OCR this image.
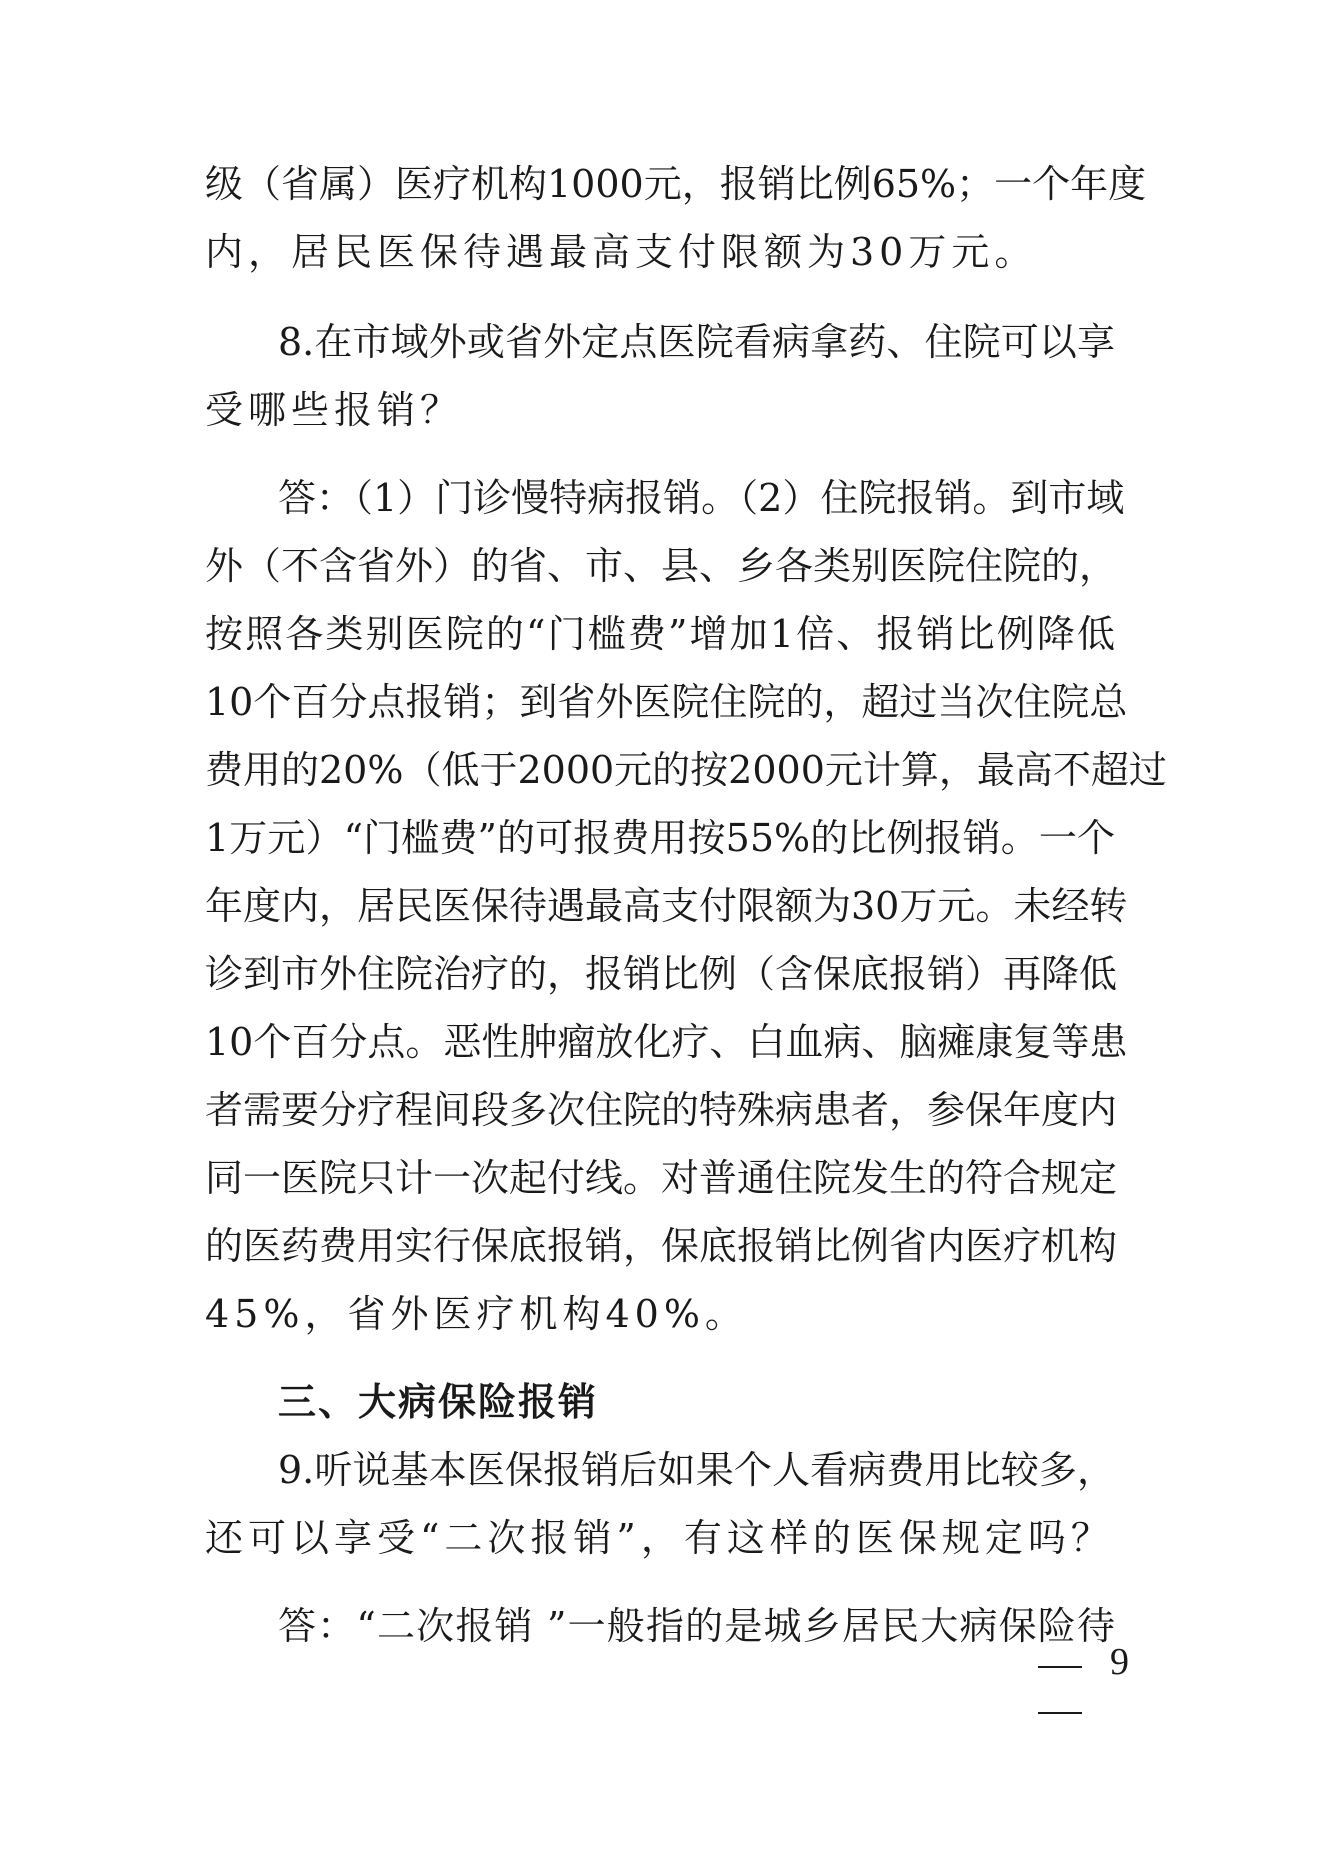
级（省属）医疗机构1000元，报销比例65%；一个年度
内，居民医保待遇最高支付限额为30万元。
8.在市域外或省外定点医院看病拿药、住院可以享
受哪些报销？
答：（1）门诊慢特病报销。（2）住院报销。到市域
外（不含省外）的省、市、县、乡各类别医院住院的，
按照各类别医院的“门槛费”增加1倍、报销比例降低
10个百分点报销；到省外医院住院的，超过当次住院总
费用的20%（低于2000元的按2000元计算，最高不超过
1万元）“门槛费”的可报费用按55%的比例报销。一个
年度内，居民医保待遇最高支付限额为30万元。未经转
诊到市外住院治疗的，报销比例（含保底报销）再降低
10个百分点。恶性肿瘤放化疗、白血病、脑瘫康复等患
者需要分疗程间段多次住院的特殊病患者，参保年度内
同一医院只计一次起付线。对普通住院发生的符合规定
的医药费用实行保底报销，保底报销比例省内医疗机构
45%，省外医疗机构40%。
三、大病保险报销
9.听说基本医保报销后如果个人看病费用比较多，
还可以享受“二次报销”，有这样的医保规定吗？
答：“二次报销 ”一般指的是城乡居民大病保险待
9
